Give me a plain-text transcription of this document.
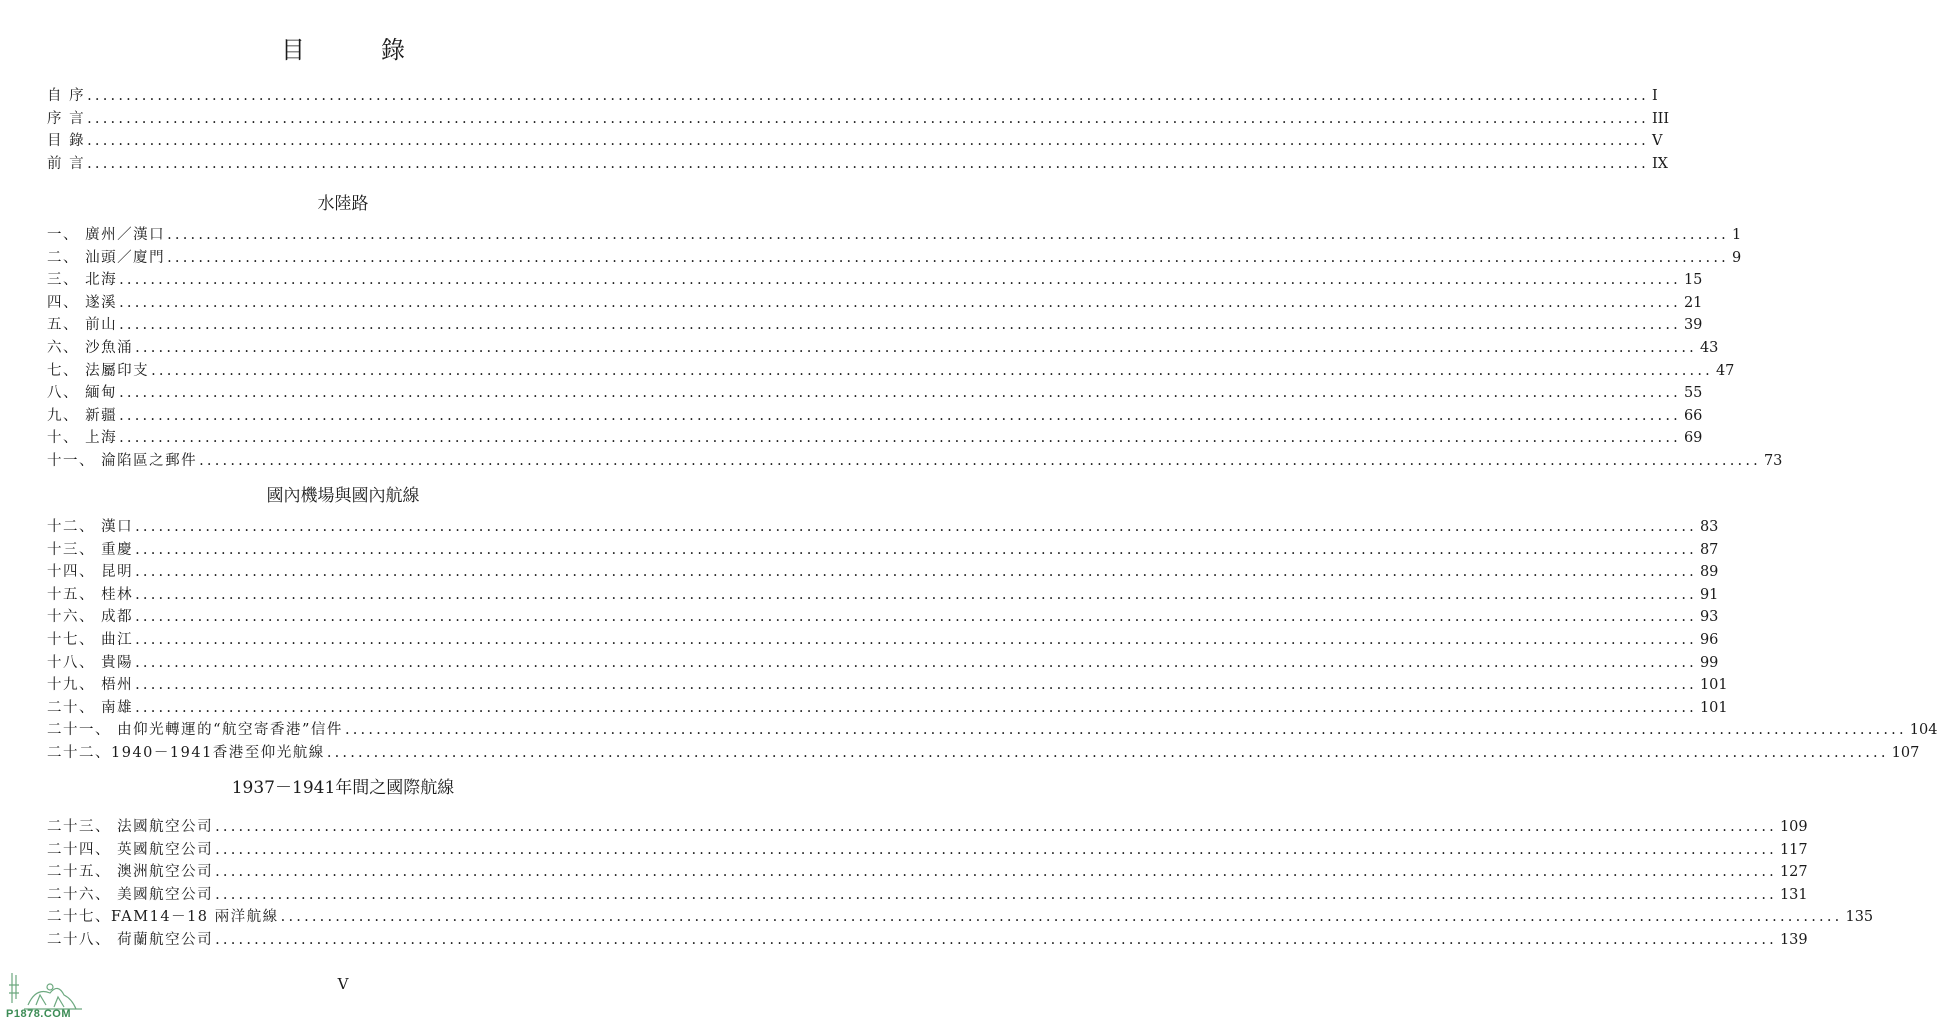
目　錄
自 序 ........................................................................................................................................................................................................ I
序 言 ........................................................................................................................................................................................................ III
目 錄 ........................................................................................................................................................................................................ V
前 言 ........................................................................................................................................................................................................ IX
水陸路
一、 廣州／漢口 ........................................................................................................................................................................................................ 1
二、 汕頭／廈門 ........................................................................................................................................................................................................ 9
三、 北海 ........................................................................................................................................................................................................ 15
四、 遂溪 ........................................................................................................................................................................................................ 21
五、 前山 ........................................................................................................................................................................................................ 39
六、 沙魚涌 ........................................................................................................................................................................................................ 43
七、 法屬印支 ........................................................................................................................................................................................................ 47
八、 緬甸 ........................................................................................................................................................................................................ 55
九、 新疆 ........................................................................................................................................................................................................ 66
十、 上海 ........................................................................................................................................................................................................ 69
十一、 淪陷區之郵件 ........................................................................................................................................................................................................ 73
國內機場與國內航線
十二、 漢口 ........................................................................................................................................................................................................ 83
十三、 重慶 ........................................................................................................................................................................................................ 87
十四、 昆明 ........................................................................................................................................................................................................ 89
十五、 桂林 ........................................................................................................................................................................................................ 91
十六、 成都 ........................................................................................................................................................................................................ 93
十七、 曲江 ........................................................................................................................................................................................................ 96
十八、 貴陽 ........................................................................................................................................................................................................ 99
十九、 梧州 ........................................................................................................................................................................................................ 101
二十、 南雄 ........................................................................................................................................................................................................ 101
二十一、 由仰光轉運的“航空寄香港”信件 ........................................................................................................................................................................................................ 104
二十二、1940－1941香港至仰光航線 ........................................................................................................................................................................................................ 107
1937－1941年間之國際航線
二十三、 法國航空公司 ........................................................................................................................................................................................................ 109
二十四、 英國航空公司 ........................................................................................................................................................................................................ 117
二十五、 澳洲航空公司 ........................................................................................................................................................................................................ 127
二十六、 美國航空公司 ........................................................................................................................................................................................................ 131
二十七、FAM14－18 兩洋航線 ........................................................................................................................................................................................................ 135
二十八、 荷蘭航空公司 ........................................................................................................................................................................................................ 139
V
P1878.COM
